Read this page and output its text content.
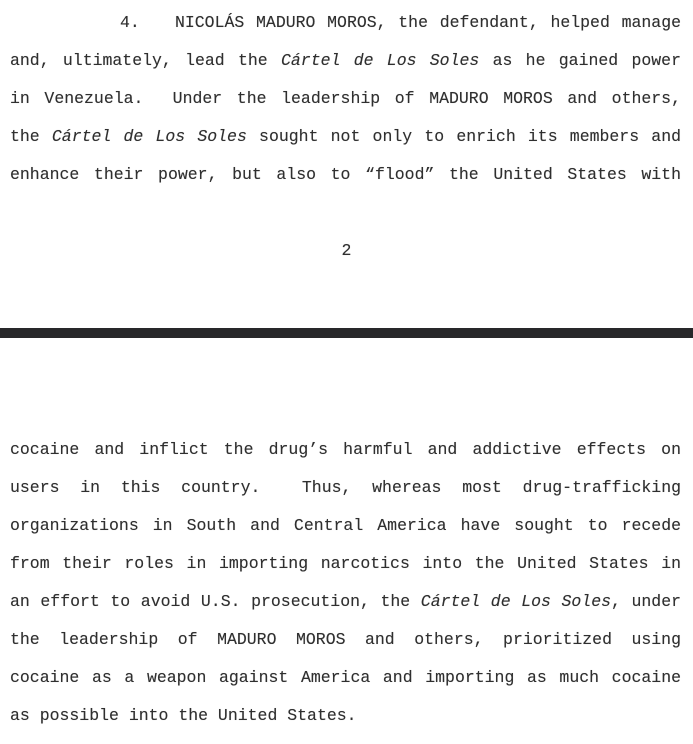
4.   NICOLÁS MADURO MOROS, the defendant, helped manage
and, ultimately, lead the Cártel de Los Soles as he gained power
in Venezuela.  Under the leadership of MADURO MOROS and others,
the Cártel de Los Soles sought not only to enrich its members and
enhance their power, but also to “flood” the United States with
2
cocaine and inflict the drug’s harmful and addictive effects on
users in this country.  Thus, whereas most drug-trafficking
organizations in South and Central America have sought to recede
from their roles in importing narcotics into the United States in
an effort to avoid U.S. prosecution, the Cártel de Los Soles, under
the leadership of MADURO MOROS and others, prioritized using
cocaine as a weapon against America and importing as much cocaine
as possible into the United States.
